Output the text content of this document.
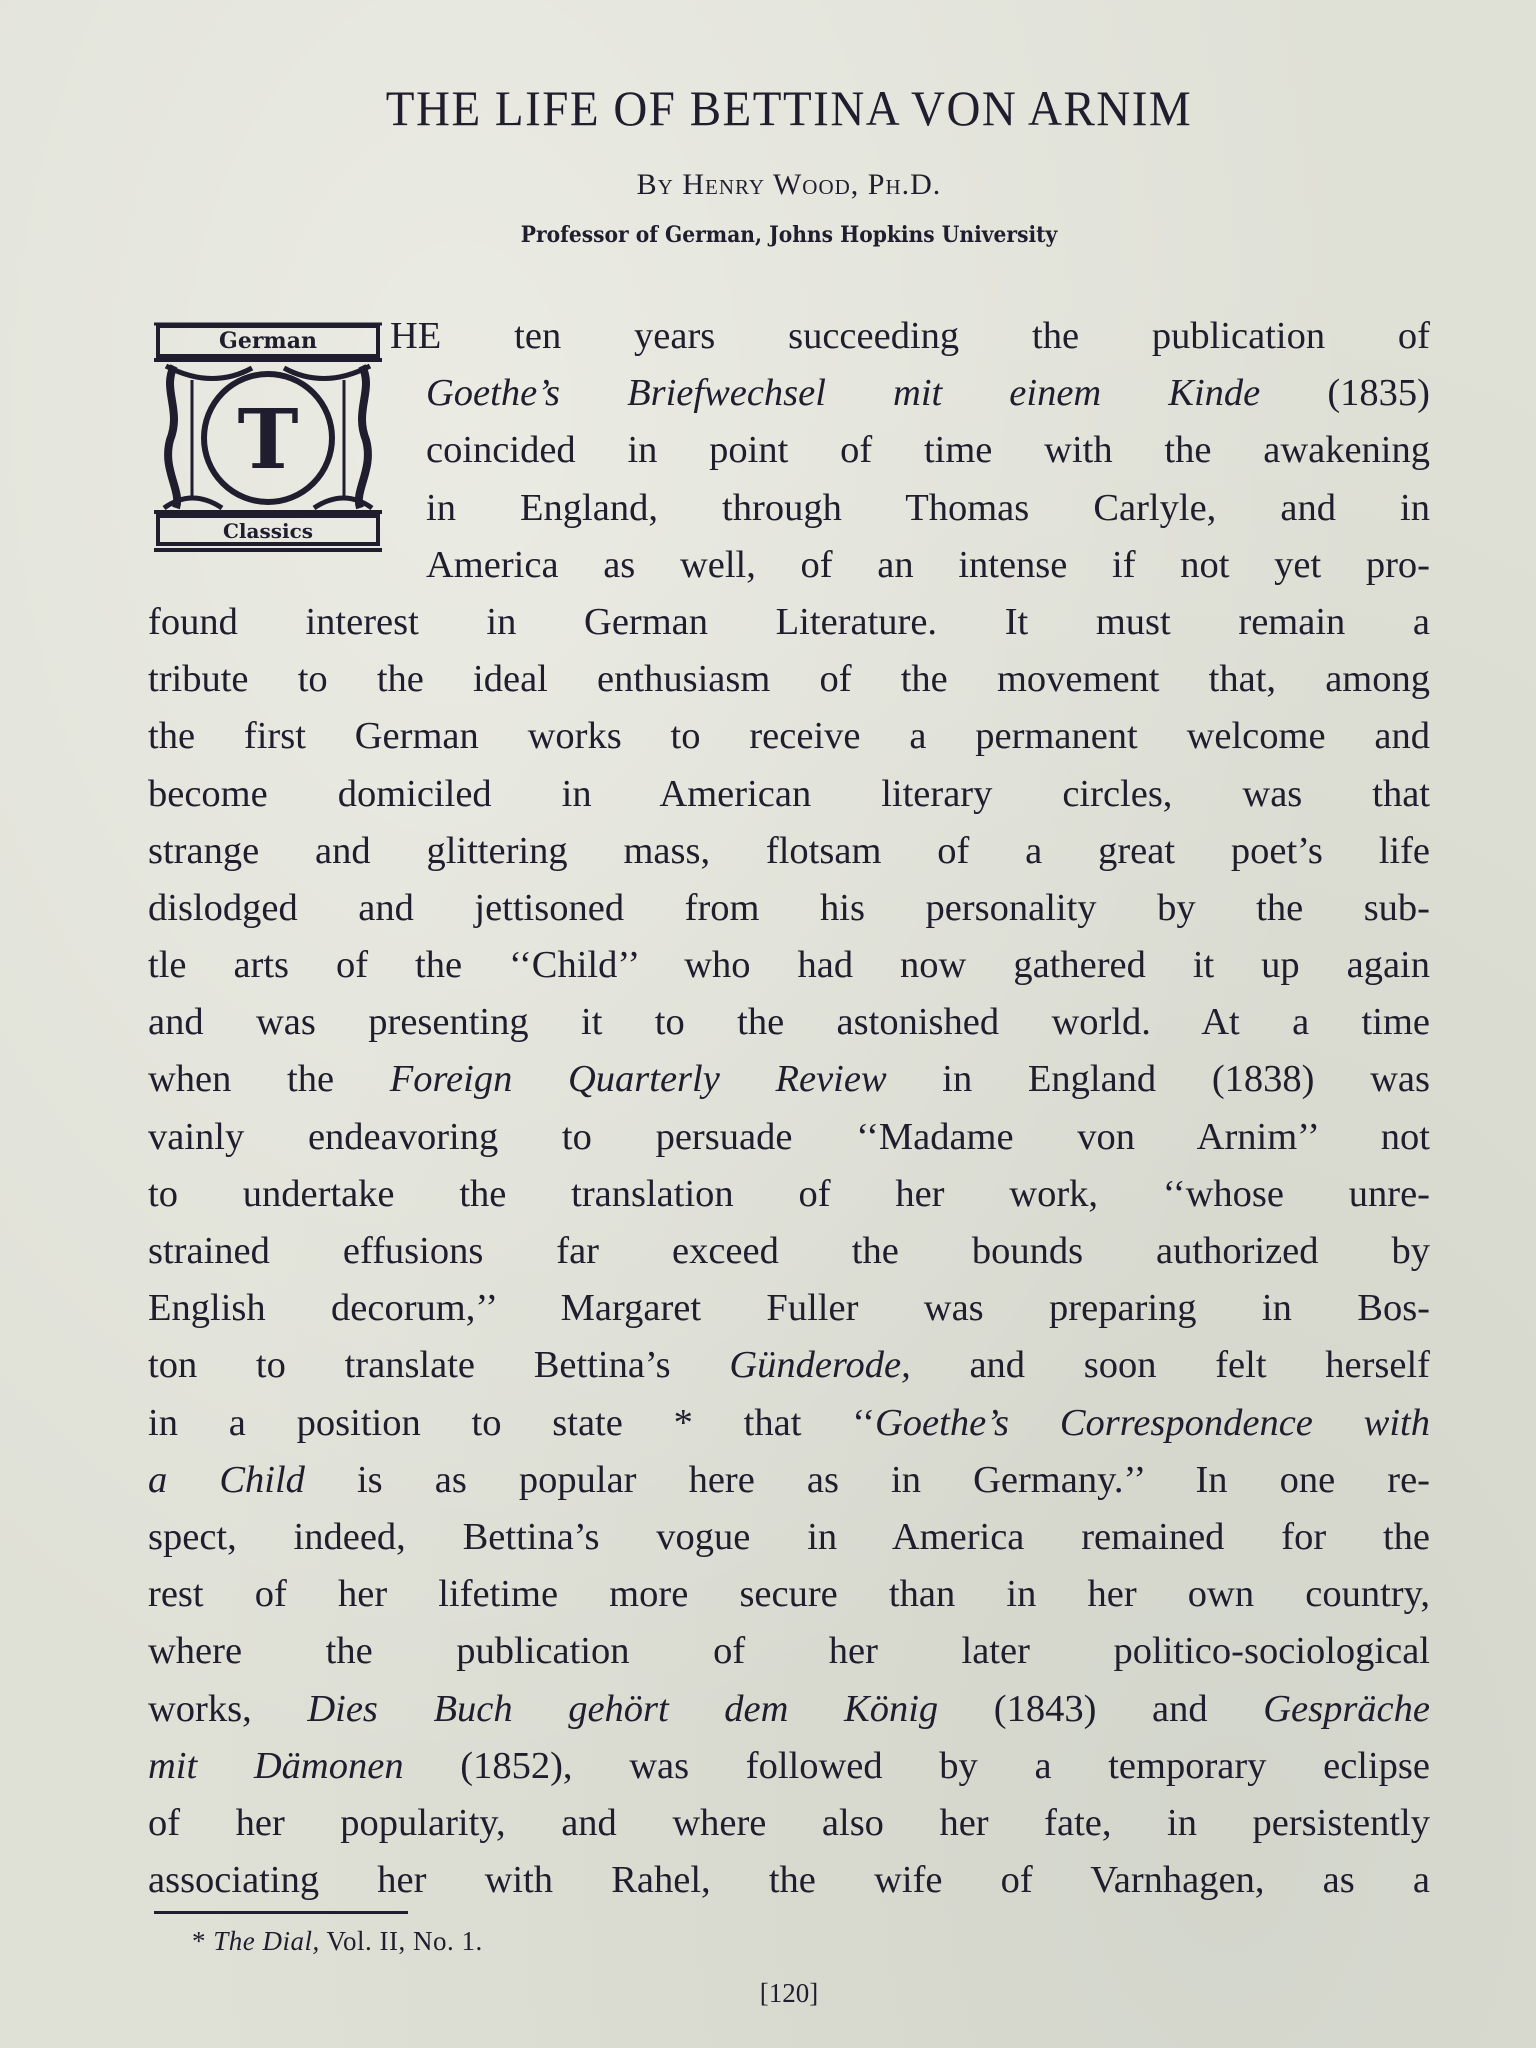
THE LIFE OF BETTINA VON ARNIM
By Henry Wood, Ph.D.
Professor of German, Johns Hopkins University
German
Classics
T
HE ten years succeeding the publication of
Goethe’s Briefwechsel mit einem Kinde (1835)
coincided in point of time with the awakening
in England, through Thomas Carlyle, and in
America as well, of an intense if not yet pro-
found interest in German Literature. It must remain a
tribute to the ideal enthusiasm of the movement that, among
the first German works to receive a permanent welcome and
become domiciled in American literary circles, was that
strange and glittering mass, flotsam of a great poet’s life
dislodged and jettisoned from his personality by the sub-
tle arts of the ‘‘Child’’ who had now gathered it up again
and was presenting it to the astonished world. At a time
when the Foreign Quarterly Review in England (1838) was
vainly endeavoring to persuade ‘‘Madame von Arnim’’ not
to undertake the translation of her work, ‘‘whose unre-
strained effusions far exceed the bounds authorized by
English decorum,’’ Margaret Fuller was preparing in Bos-
ton to translate Bettina’s Günderode, and soon felt herself
in a position to state * that ‘‘Goethe’s Correspondence with
a Child is as popular here as in Germany.’’ In one re-
spect, indeed, Bettina’s vogue in America remained for the
rest of her lifetime more secure than in her own country,
where the publication of her later politico-sociological
works, Dies Buch gehört dem König (1843) and Gespräche
mit Dämonen (1852), was followed by a temporary eclipse
of her popularity, and where also her fate, in persistently
associating her with Rahel, the wife of Varnhagen, as a
* The Dial, Vol. II, No. 1.
[120]
